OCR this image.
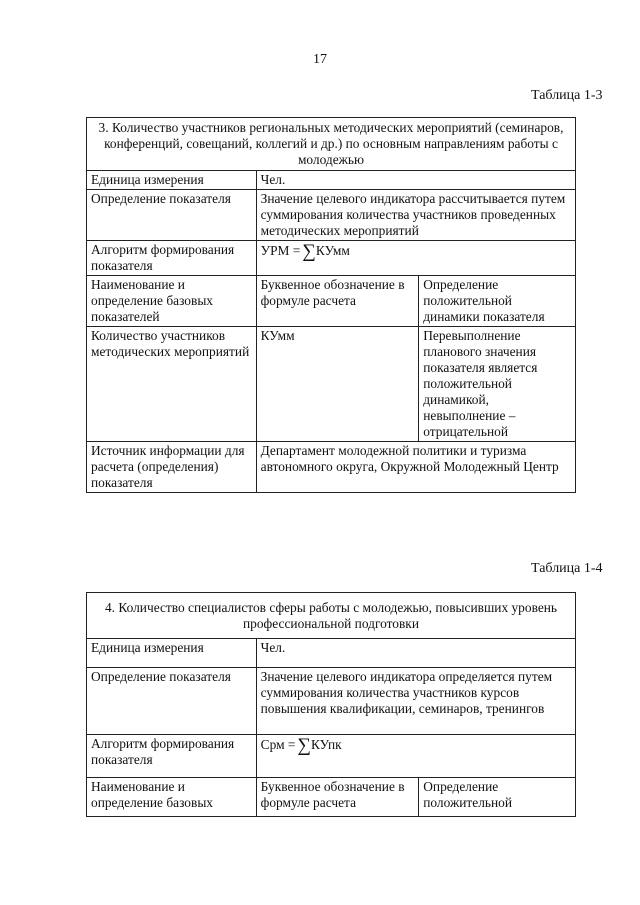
17
Таблица 1-3
3. Количество участников региональных методических мероприятий (семинаров, конференций, совещаний, коллегий и др.) по основным направлениям работы с молодежью		
Единица измерения	Чел.	
Определение показателя	Значение целевого индикатора рассчитывается путем суммирования количества участников проведенных методических мероприятий	
Алгоритм формирования показателя	УРМ = ∑КУмм	
Наименование и определение базовых показателей	Буквенное обозначение в формуле расчета	Определение положительной динамики показателя
Количество участников методических мероприятий	КУмм	Перевыполнение планового значения показателя является положительной динамикой, невыполнение – отрицательной
Источник информации для расчета (определения) показателя	Департамент молодежной политики и туризма автономного округа, Окружной Молодежный Центр	
Таблица 1-4
4. Количество специалистов сферы работы с молодежью, повысивших уровень профессиональной подготовки		
Единица измерения	Чел.	
Определение показателя	Значение целевого индикатора определяется путем суммирования количества участников курсов повышения квалификации, семинаров, тренингов	
Алгоритм формирования показателя	Срм = ∑КУпк	
Наименование и определение базовых	Буквенное обозначение в формуле расчета	Определение положительной
